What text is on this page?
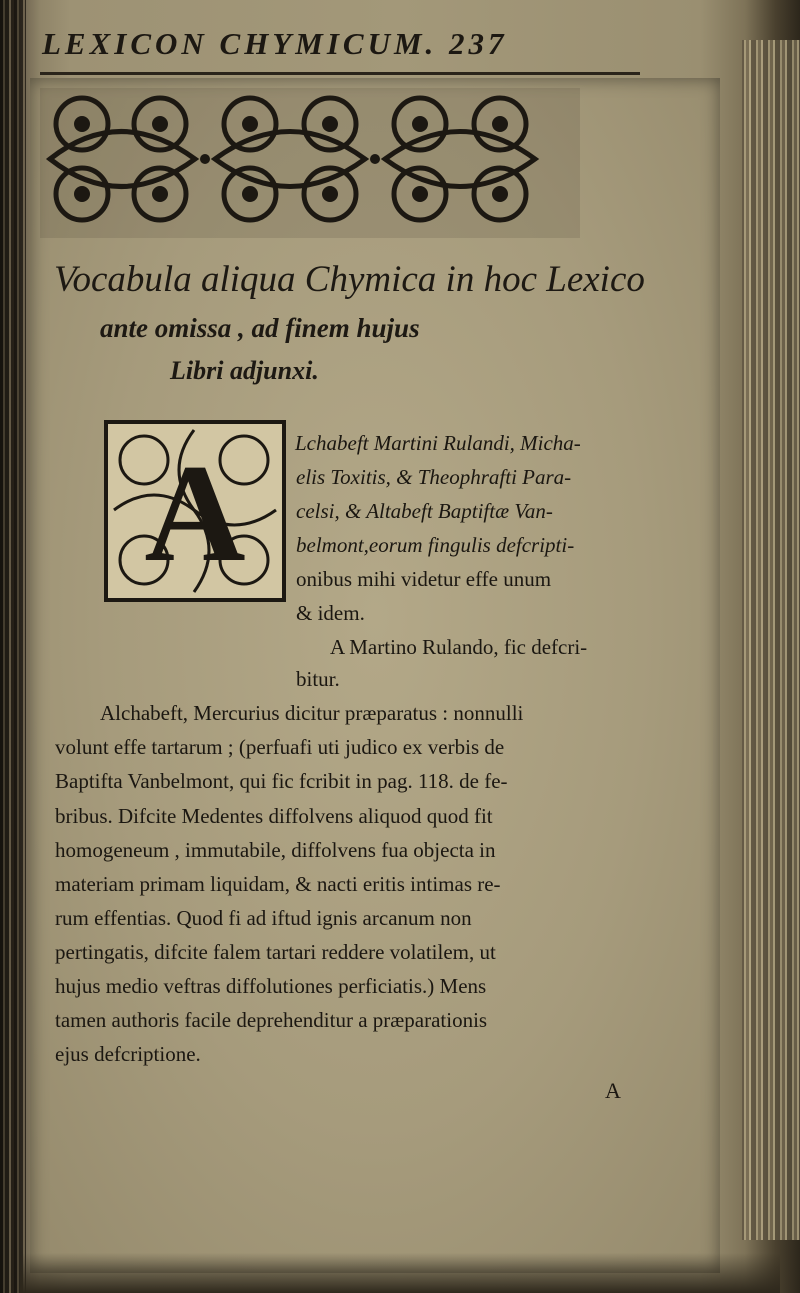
LEXICON CHYMICUM. 237
Vocabula aliqua Chymica in hoc Lexico
ante omissa , ad finem hujus
Libri adjunxi.
A Lchabeft Martini Rulandi, Micha-
elis Toxitis, & Theophrafti Para-
celsi, & Altabeft Baptiftæ Van-
belmont,eorum fingulis defcripti-
onibus mihi videtur effe unum
& idem.
A Martino Rulando, fic defcri-
bitur.
Alchabeft, Mercurius dicitur præparatus : nonnulli
volunt effe tartarum ; (perfuafi uti judico ex verbis de
Baptifta Vanbelmont, qui fic fcribit in pag. 118. de fe-
bribus. Difcite Medentes diffolvens aliquod quod fit
homogeneum , immutabile, diffolvens fua objecta in
materiam primam liquidam, & nacti eritis intimas re-
rum effentias. Quod fi ad iftud ignis arcanum non
pertingatis, difcite falem tartari reddere volatilem, ut
hujus medio veftras diffolutiones perficiatis.) Mens
tamen authoris facile deprehenditur a præparationis
ejus defcriptione.
A
